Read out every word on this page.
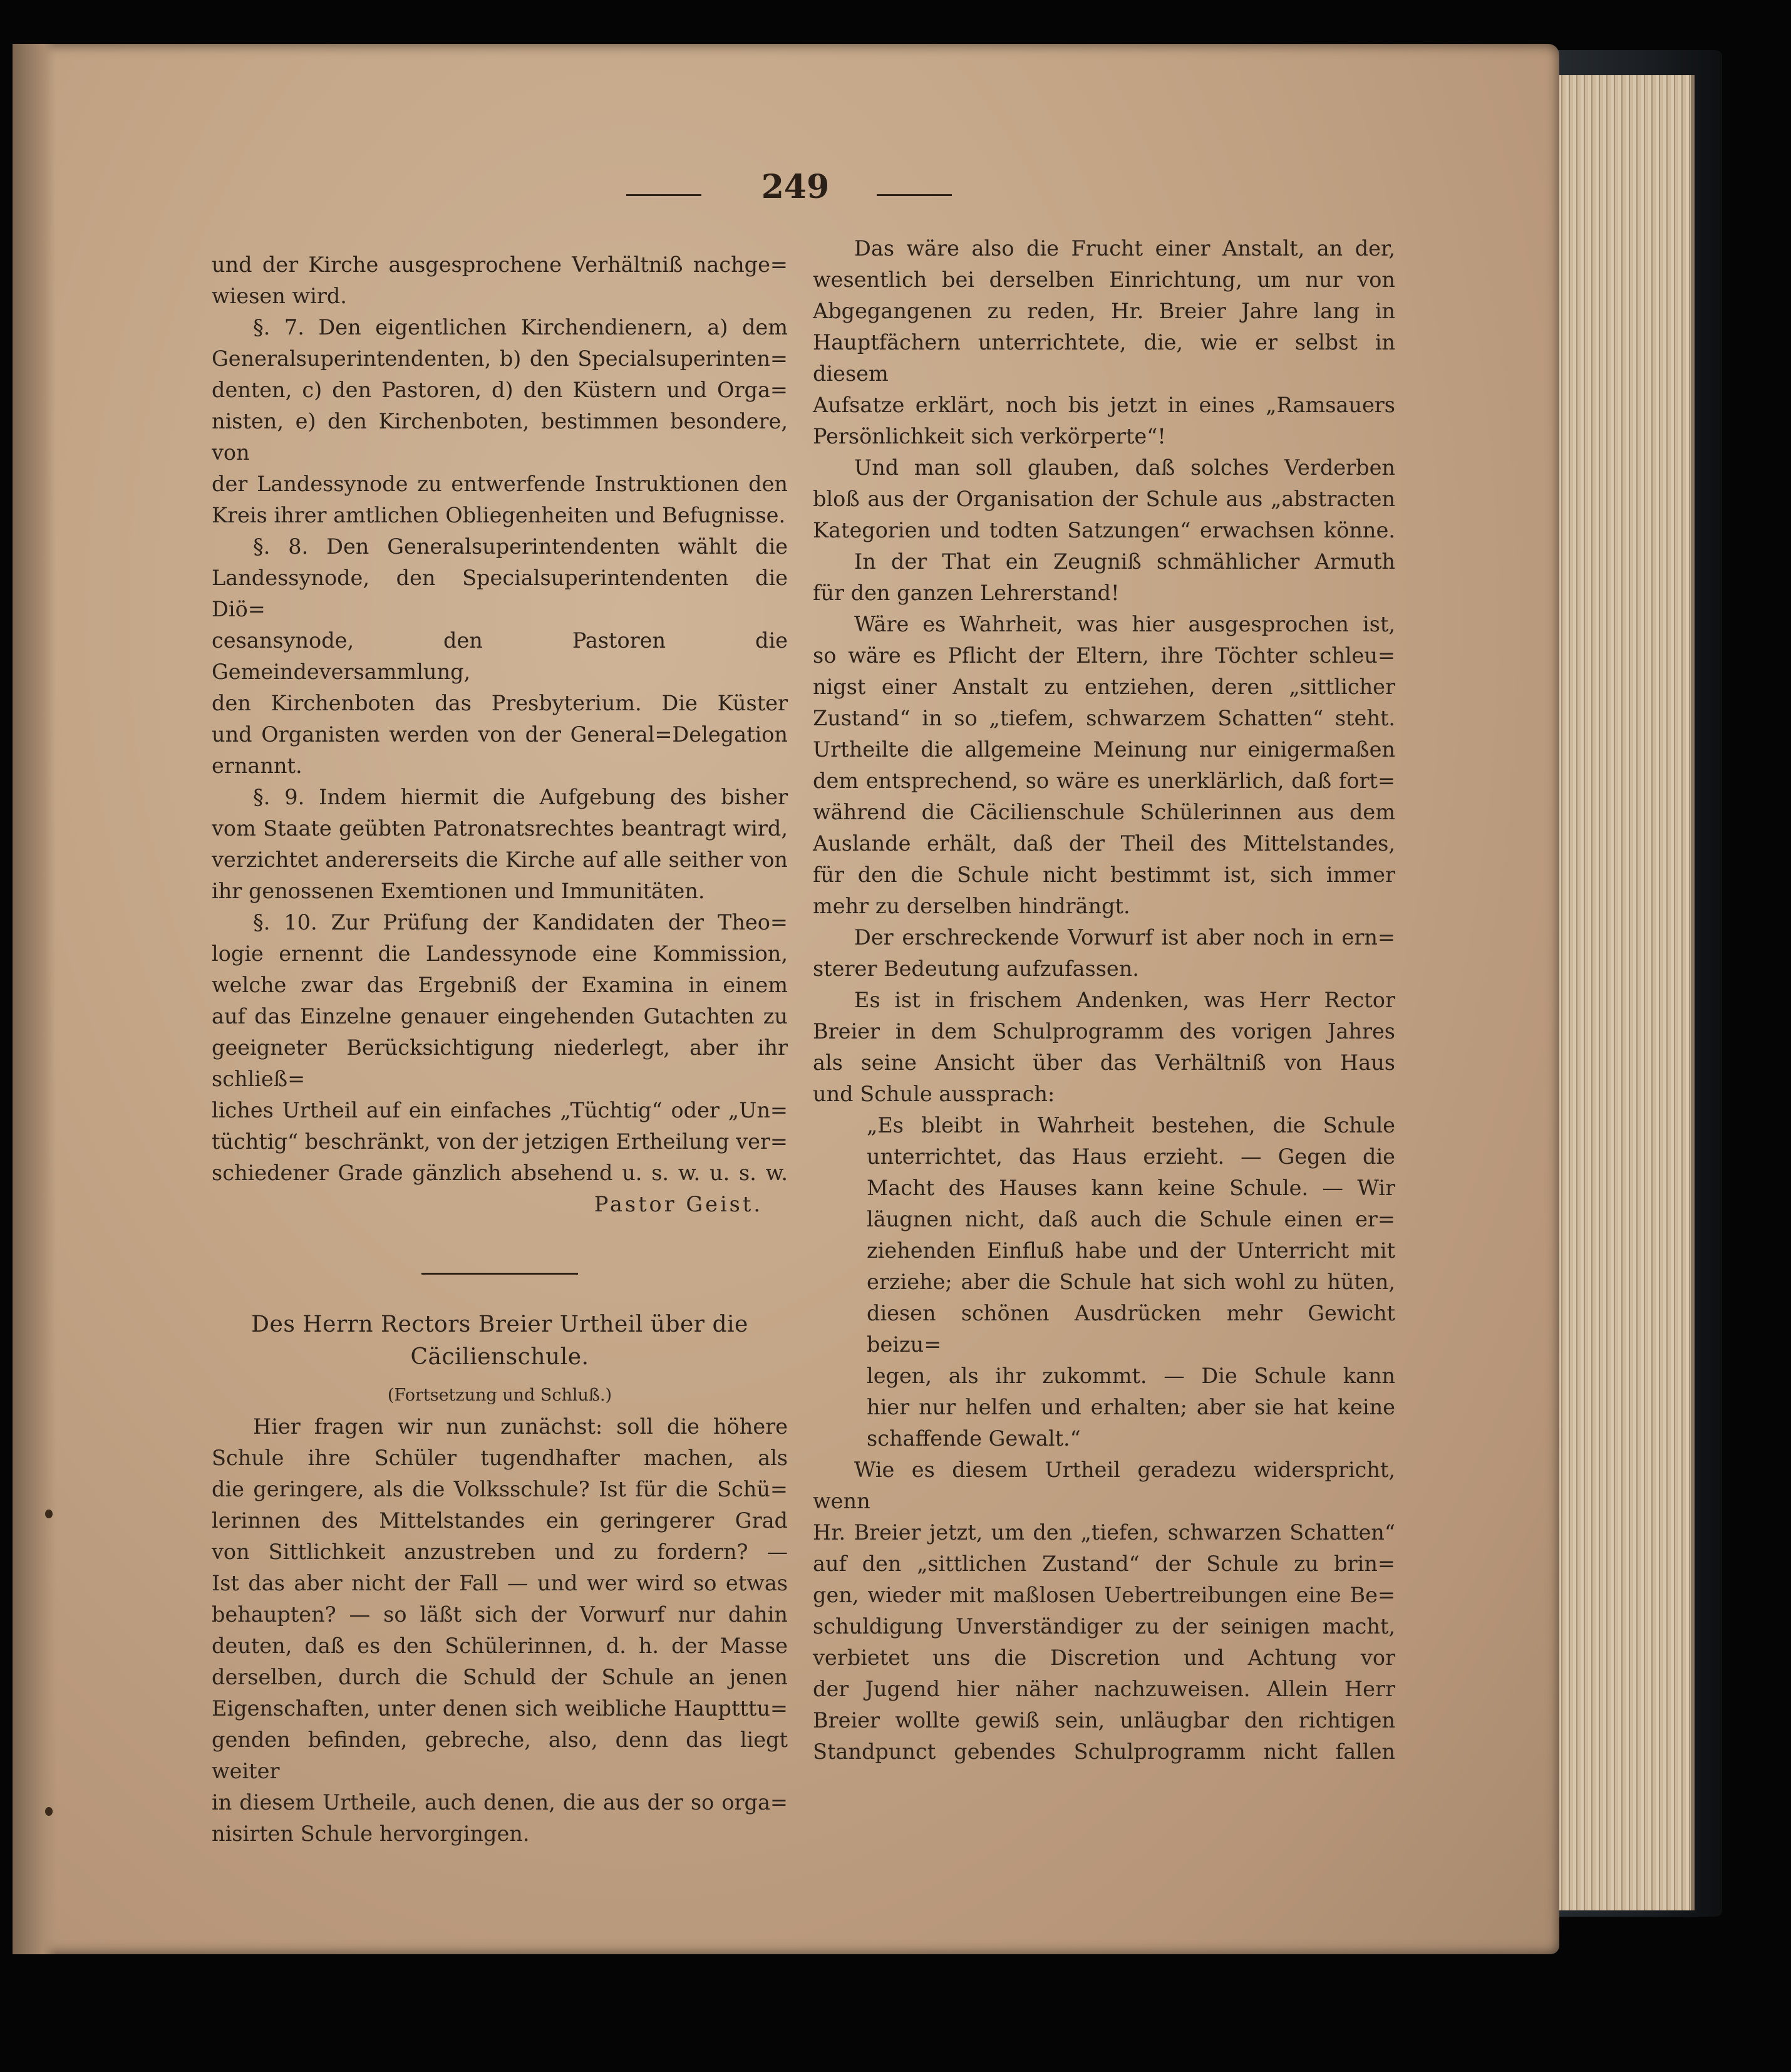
249

und der Kirche ausgesprochene Verhältniß nachge=

wiesen wird.

§. 7. Den eigentlichen Kirchendienern, a) dem

Generalsuperintendenten, b) den Specialsuperinten=

denten, c) den Pastoren, d) den Küstern und Orga=

nisten, e) den Kirchenboten, bestimmen besondere, von

der Landessynode zu entwerfende Instruktionen den

Kreis ihrer amtlichen Obliegenheiten und Befugnisse.

§. 8. Den Generalsuperintendenten wählt die

Landessynode, den Specialsuperintendenten die Diö=

cesansynode, den Pastoren die Gemeindeversammlung,

den Kirchenboten das Presbyterium. Die Küster

und Organisten werden von der General=Delegation

ernannt.

§. 9. Indem hiermit die Aufgebung des bisher

vom Staate geübten Patronatsrechtes beantragt wird,

verzichtet andererseits die Kirche auf alle seither von

ihr genossenen Exemtionen und Immunitäten.

§. 10. Zur Prüfung der Kandidaten der Theo=

logie ernennt die Landessynode eine Kommission,

welche zwar das Ergebniß der Examina in einem

auf das Einzelne genauer eingehenden Gutachten zu

geeigneter Berücksichtigung niederlegt, aber ihr schließ=

liches Urtheil auf ein einfaches „Tüchtig“ oder „Un=

tüchtig“ beschränkt, von der jetzigen Ertheilung ver=

schiedener Grade gänzlich absehend u. s. w. u. s. w.

Pastor Geist.

Des Herrn Rectors Breier Urtheil über die
Cäcilienschule.
(Fortsetzung und Schluß.)

Hier fragen wir nun zunächst: soll die höhere

Schule ihre Schüler tugendhafter machen, als

die geringere, als die Volksschule? Ist für die Schü=

lerinnen des Mittelstandes ein geringerer Grad

von Sittlichkeit anzustreben und zu fordern? —

Ist das aber nicht der Fall — und wer wird so etwas

behaupten? — so läßt sich der Vorwurf nur dahin

deuten, daß es den Schülerinnen, d. h. der Masse

derselben, durch die Schuld der Schule an jenen

Eigenschaften, unter denen sich weibliche Hauptttu=

genden befinden, gebreche, also, denn das liegt weiter

in diesem Urtheile, auch denen, die aus der so orga=

nisirten Schule hervorgingen.

Das wäre also die Frucht einer Anstalt, an der,

wesentlich bei derselben Einrichtung, um nur von

Abgegangenen zu reden, Hr. Breier Jahre lang in

Hauptfächern unterrichtete, die, wie er selbst in diesem

Aufsatze erklärt, noch bis jetzt in eines „Ramsauers

Persönlichkeit sich verkörperte“!

Und man soll glauben, daß solches Verderben

bloß aus der Organisation der Schule aus „abstracten

Kategorien und todten Satzungen“ erwachsen könne.

In der That ein Zeugniß schmählicher Armuth

für den ganzen Lehrerstand!

Wäre es Wahrheit, was hier ausgesprochen ist,

so wäre es Pflicht der Eltern, ihre Töchter schleu=

nigst einer Anstalt zu entziehen, deren „sittlicher

Zustand“ in so „tiefem, schwarzem Schatten“ steht.

Urtheilte die allgemeine Meinung nur einigermaßen

dem entsprechend, so wäre es unerklärlich, daß fort=

während die Cäcilienschule Schülerinnen aus dem

Auslande erhält, daß der Theil des Mittelstandes,

für den die Schule nicht bestimmt ist, sich immer

mehr zu derselben hindrängt.

Der erschreckende Vorwurf ist aber noch in ern=

sterer Bedeutung aufzufassen.

Es ist in frischem Andenken, was Herr Rector

Breier in dem Schulprogramm des vorigen Jahres

als seine Ansicht über das Verhältniß von Haus

und Schule aussprach:

„Es bleibt in Wahrheit bestehen, die Schule

unterrichtet, das Haus erzieht. — Gegen die

Macht des Hauses kann keine Schule. — Wir

läugnen nicht, daß auch die Schule einen er=

ziehenden Einfluß habe und der Unterricht mit

erziehe; aber die Schule hat sich wohl zu hüten,

diesen schönen Ausdrücken mehr Gewicht beizu=

legen, als ihr zukommt. — Die Schule kann

hier nur helfen und erhalten; aber sie hat keine

schaffende Gewalt.“

Wie es diesem Urtheil geradezu widerspricht, wenn

Hr. Breier jetzt, um den „tiefen, schwarzen Schatten“

auf den „sittlichen Zustand“ der Schule zu brin=

gen, wieder mit maßlosen Uebertreibungen eine Be=

schuldigung Unverständiger zu der seinigen macht,

verbietet uns die Discretion und Achtung vor

der Jugend hier näher nachzuweisen. Allein Herr

Breier wollte gewiß sein, unläugbar den richtigen

Standpunct gebendes Schulprogramm nicht fallen
